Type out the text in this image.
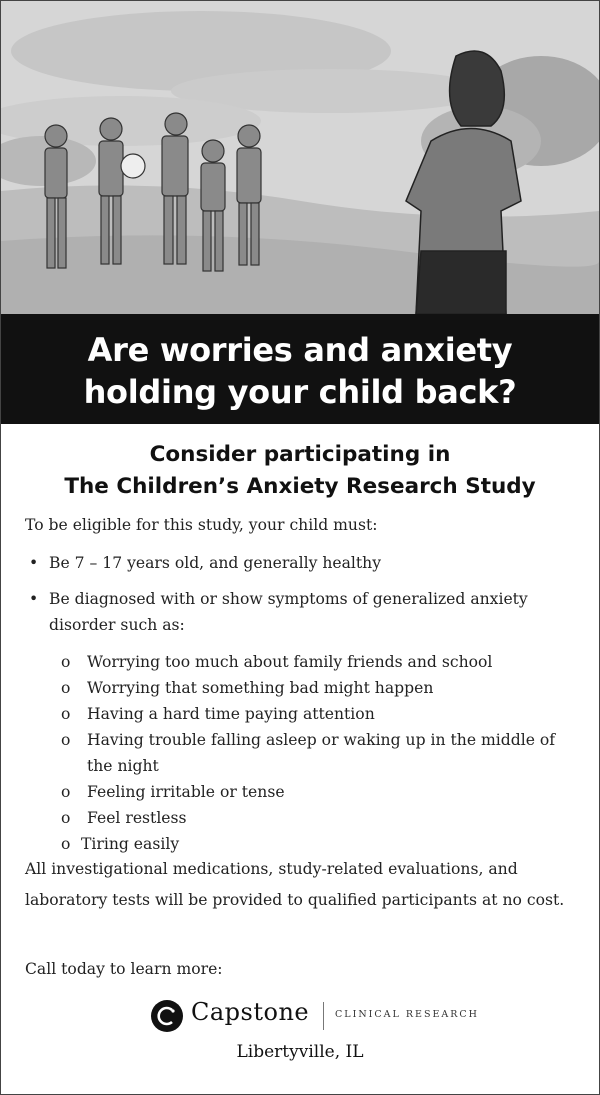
Are worries and anxiety
holding your child back?
Consider participating in
The Children’s Anxiety Research Study
To be eligible for this study, your child must:
• Be 7 – 17 years old, and generally healthy
• Be diagnosed with or show symptoms of generalized anxiety disorder such as:
o Worrying too much about family friends and school
o Worrying that something bad might happen
o Having a hard time paying attention
o Having trouble falling asleep or waking up in the middle of the night
o Feeling irritable or tense
o Feel restless
o Tiring easily
All investigational medications, study-related evaluations, and laboratory tests will be provided to qualified participants at no cost.
Call today to learn more:
Capstone	CLINICAL RESEARCH
Libertyville, IL
